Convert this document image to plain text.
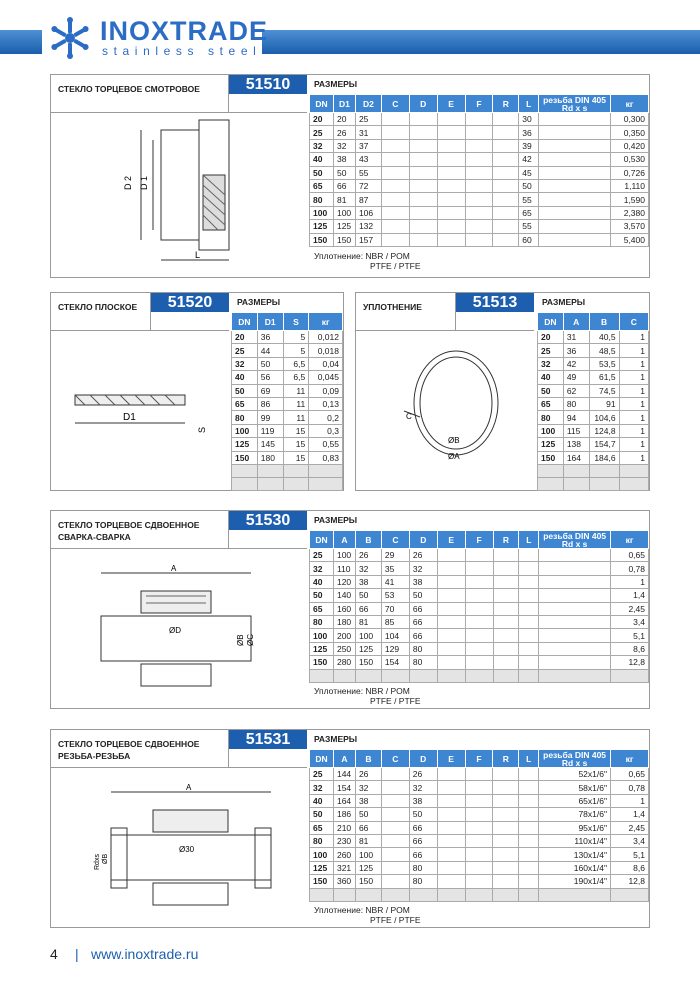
INOXTRADE
stainless steel
СТЕКЛО ТОРЦЕВОЕ СМОТРОВОЕ	51510	РАЗМЕРЫ
DN	D1	D2	C	D	E	F	R	L	резьба DIN 405 Rd x s	кг
20	20	25						30		0,300
25	26	31						36		0,350
32	32	37						39		0,420
40	38	43						42		0,530
50	50	55						45		0,726
65	66	72						50		1,110
80	81	87						55		1,590
100	100	106						65		2,380
125	125	132						55		3,570
150	150	157						60		5,400
Уплотнение: NBR / POM
PTFE / PTFE
D 2 D 1
L
СТЕКЛО ПЛОСКОЕ	51520	РАЗМЕРЫ
DN	D1	S	кг
20	36	5	0,012
25	44	5	0,018
32	50	6,5	0,04
40	56	6,5	0,045
50	69	11	0,09
65	86	11	0,13
80	99	11	0,2
100	119	15	0,3
125	145	15	0,55
150	180	15	0,83

D1
S
УПЛОТНЕНИЕ	51513	РАЗМЕРЫ
DN	A	B	C
20	31	40,5	1
25	36	48,5	1
32	42	53,5	1
40	49	61,5	1
50	62	74,5	1
65	80	91	1
80	94	104,6	1
100	115	124,8	1
125	138	154,7	1
150	164	184,6	1

C
ØB
ØA
СТЕКЛО ТОРЦЕВОЕ СДВОЕННОЕ
СВАРКА-СВАРКА
51530	РАЗМЕРЫ
DN	A	B	C	D	E	F	R	L	резьба DIN 405 Rd x s	кг
25	100	26	29	26						0,65
32	110	32	35	32						0,78
40	120	38	41	38						1
50	140	50	53	50						1,4
65	160	66	70	66						2,45
80	180	81	85	66						3,4
100	200	100	104	66						5,1
125	250	125	129	80						8,6
150	280	150	154	80						12,8

Уплотнение: NBR / POM
PTFE / PTFE
A
ØD
ØB ØC
СТЕКЛО ТОРЦЕВОЕ СДВОЕННОЕ
РЕЗЬБА-РЕЗЬБА
51531	РАЗМЕРЫ
DN	A	B	C	D	E	F	R	L	резьба DIN 405 Rd x s	кг
25	144	26		26					52x1/6"	0,65
32	154	32		32					58x1/6"	0,78
40	164	38		38					65x1/6"	1
50	186	50		50					78x1/6"	1,4
65	210	66		66					95x1/6"	2,45
80	230	81		66					110x1/4"	3,4
100	260	100		66					130x1/4"	5,1
125	321	125		80					160x1/4"	8,6
150	360	150		80					190x1/4"	12,8

Уплотнение: NBR / POM
PTFE / PTFE
A
Ø30
Rdxs ØB
4 | www.inoxtrade.ru
